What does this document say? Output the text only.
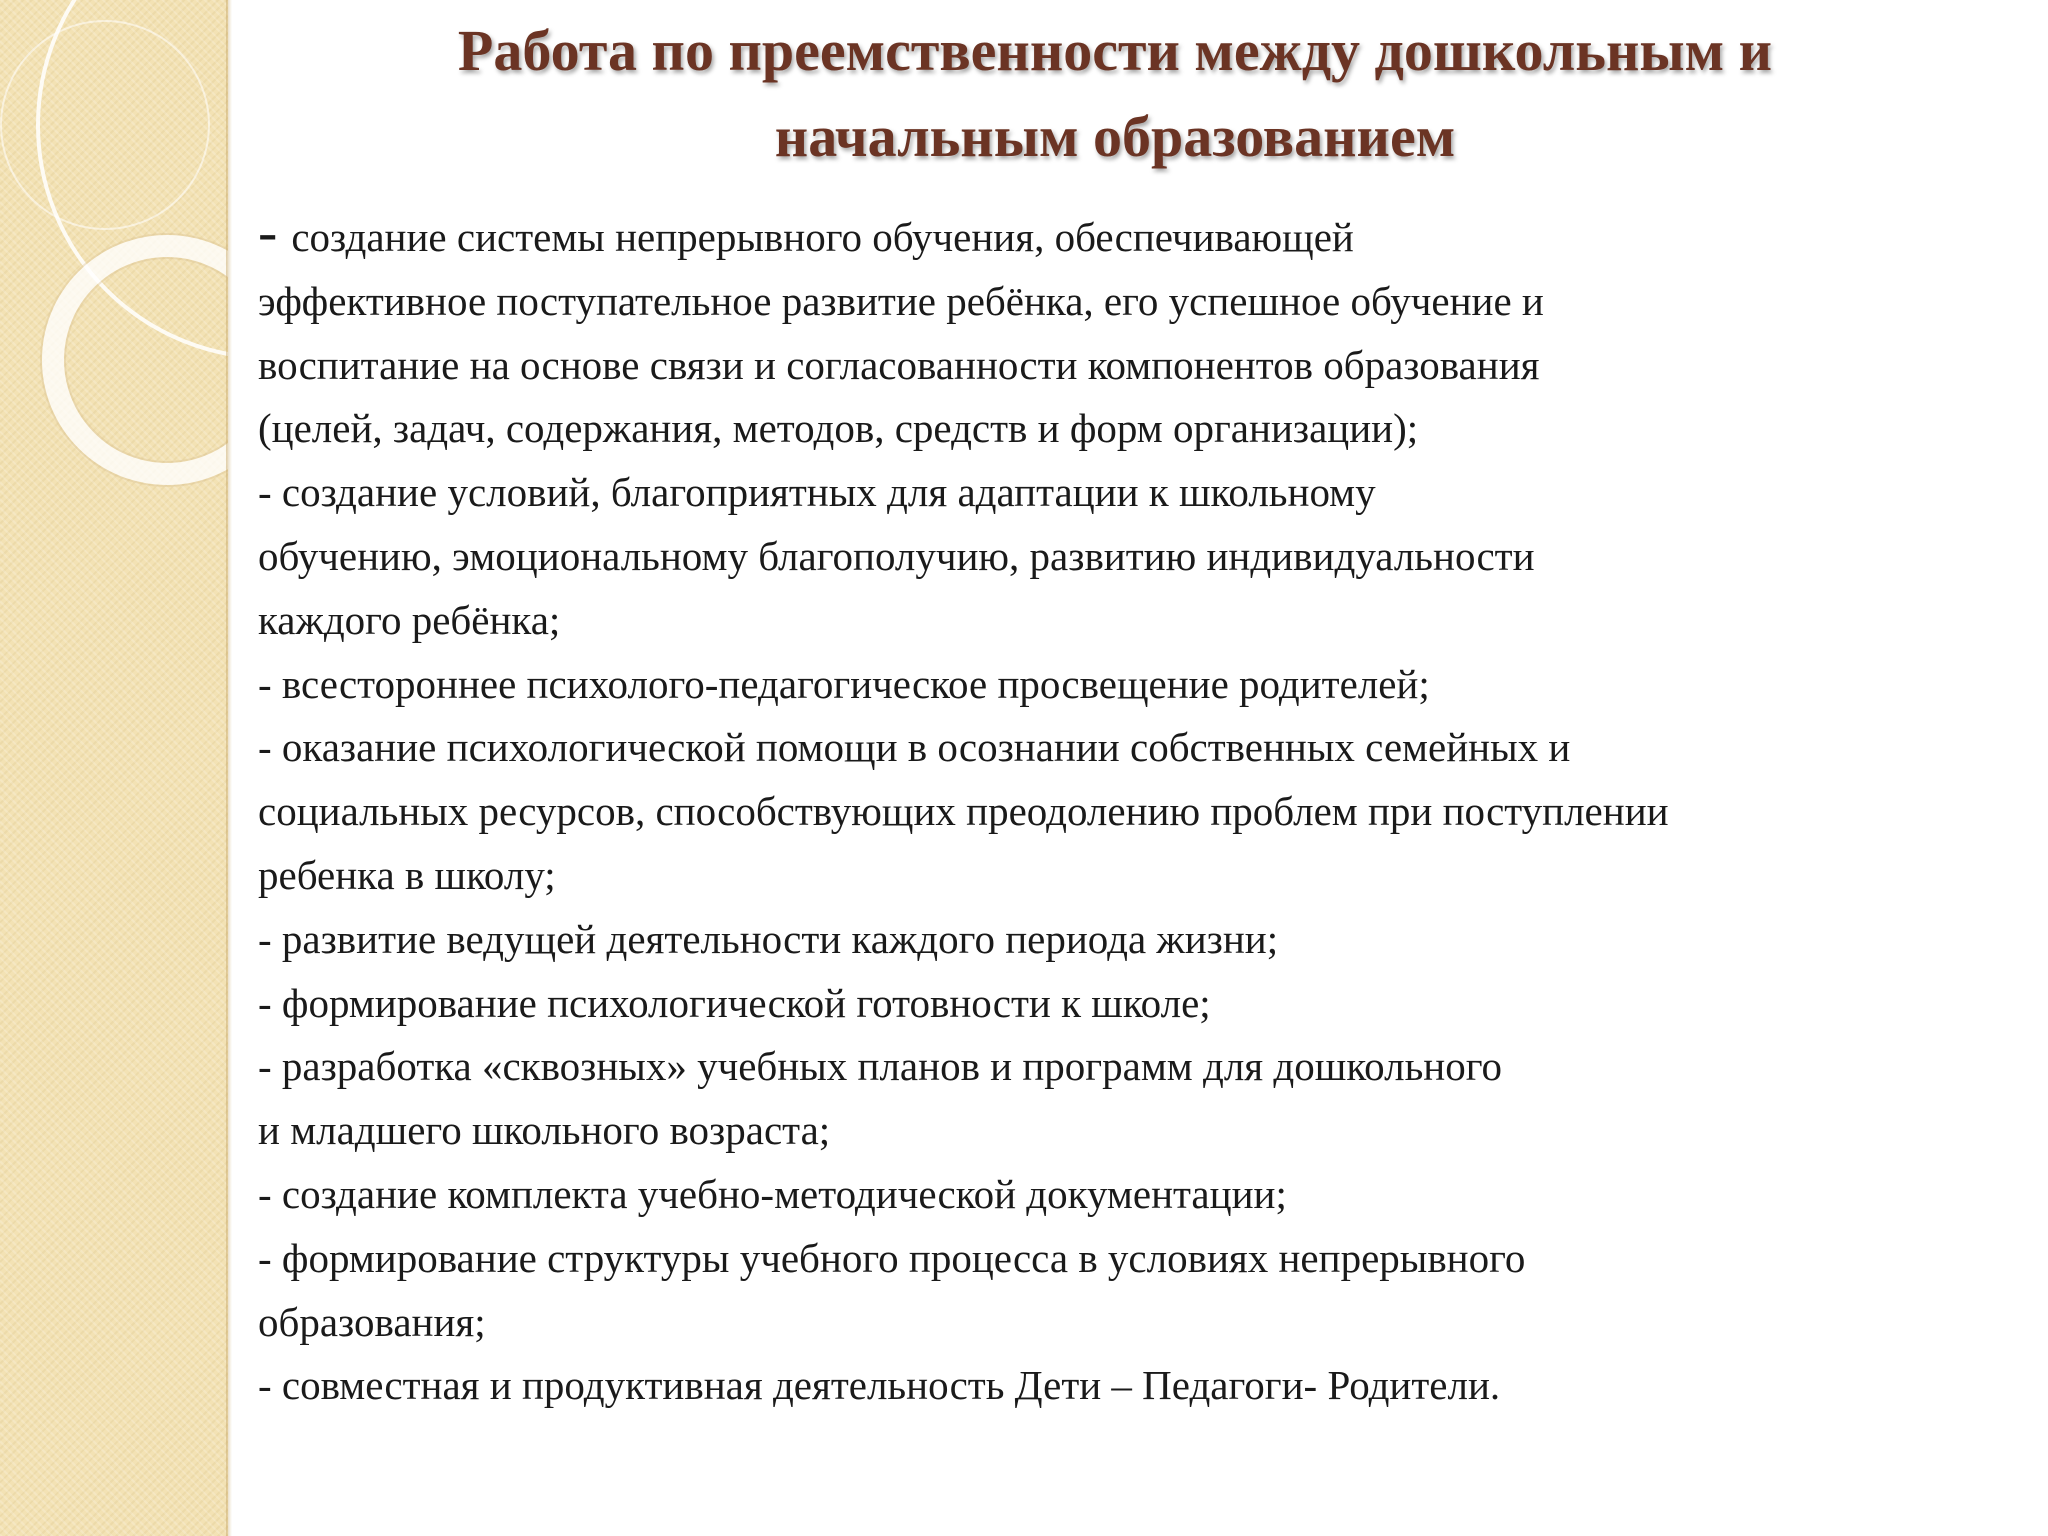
Работа по преемственности между дошкольным и
начальным образованием
- создание системы непрерывного обучения, обеспечивающей
эффективное поступательное развитие ребёнка, его успешное обучение и
воспитание на основе связи и согласованности компонентов образования
(целей, задач, содержания, методов, средств и форм организации);
- создание условий, благоприятных для адаптации к школьному
обучению, эмоциональному благополучию, развитию индивидуальности
каждого ребёнка;
- всестороннее психолого-педагогическое просвещение родителей;
- оказание психологической помощи в осознании собственных семейных и
социальных ресурсов, способствующих преодолению проблем при поступлении
ребенка в школу;
- развитие ведущей деятельности каждого периода жизни;
- формирование психологической готовности к школе;
- разработка «сквозных» учебных планов и программ для дошкольного
и младшего школьного возраста;
- создание комплекта учебно-методической документации;
- формирование структуры учебного процесса в условиях непрерывного
образования;
- совместная и продуктивная деятельность Дети – Педагоги- Родители.
